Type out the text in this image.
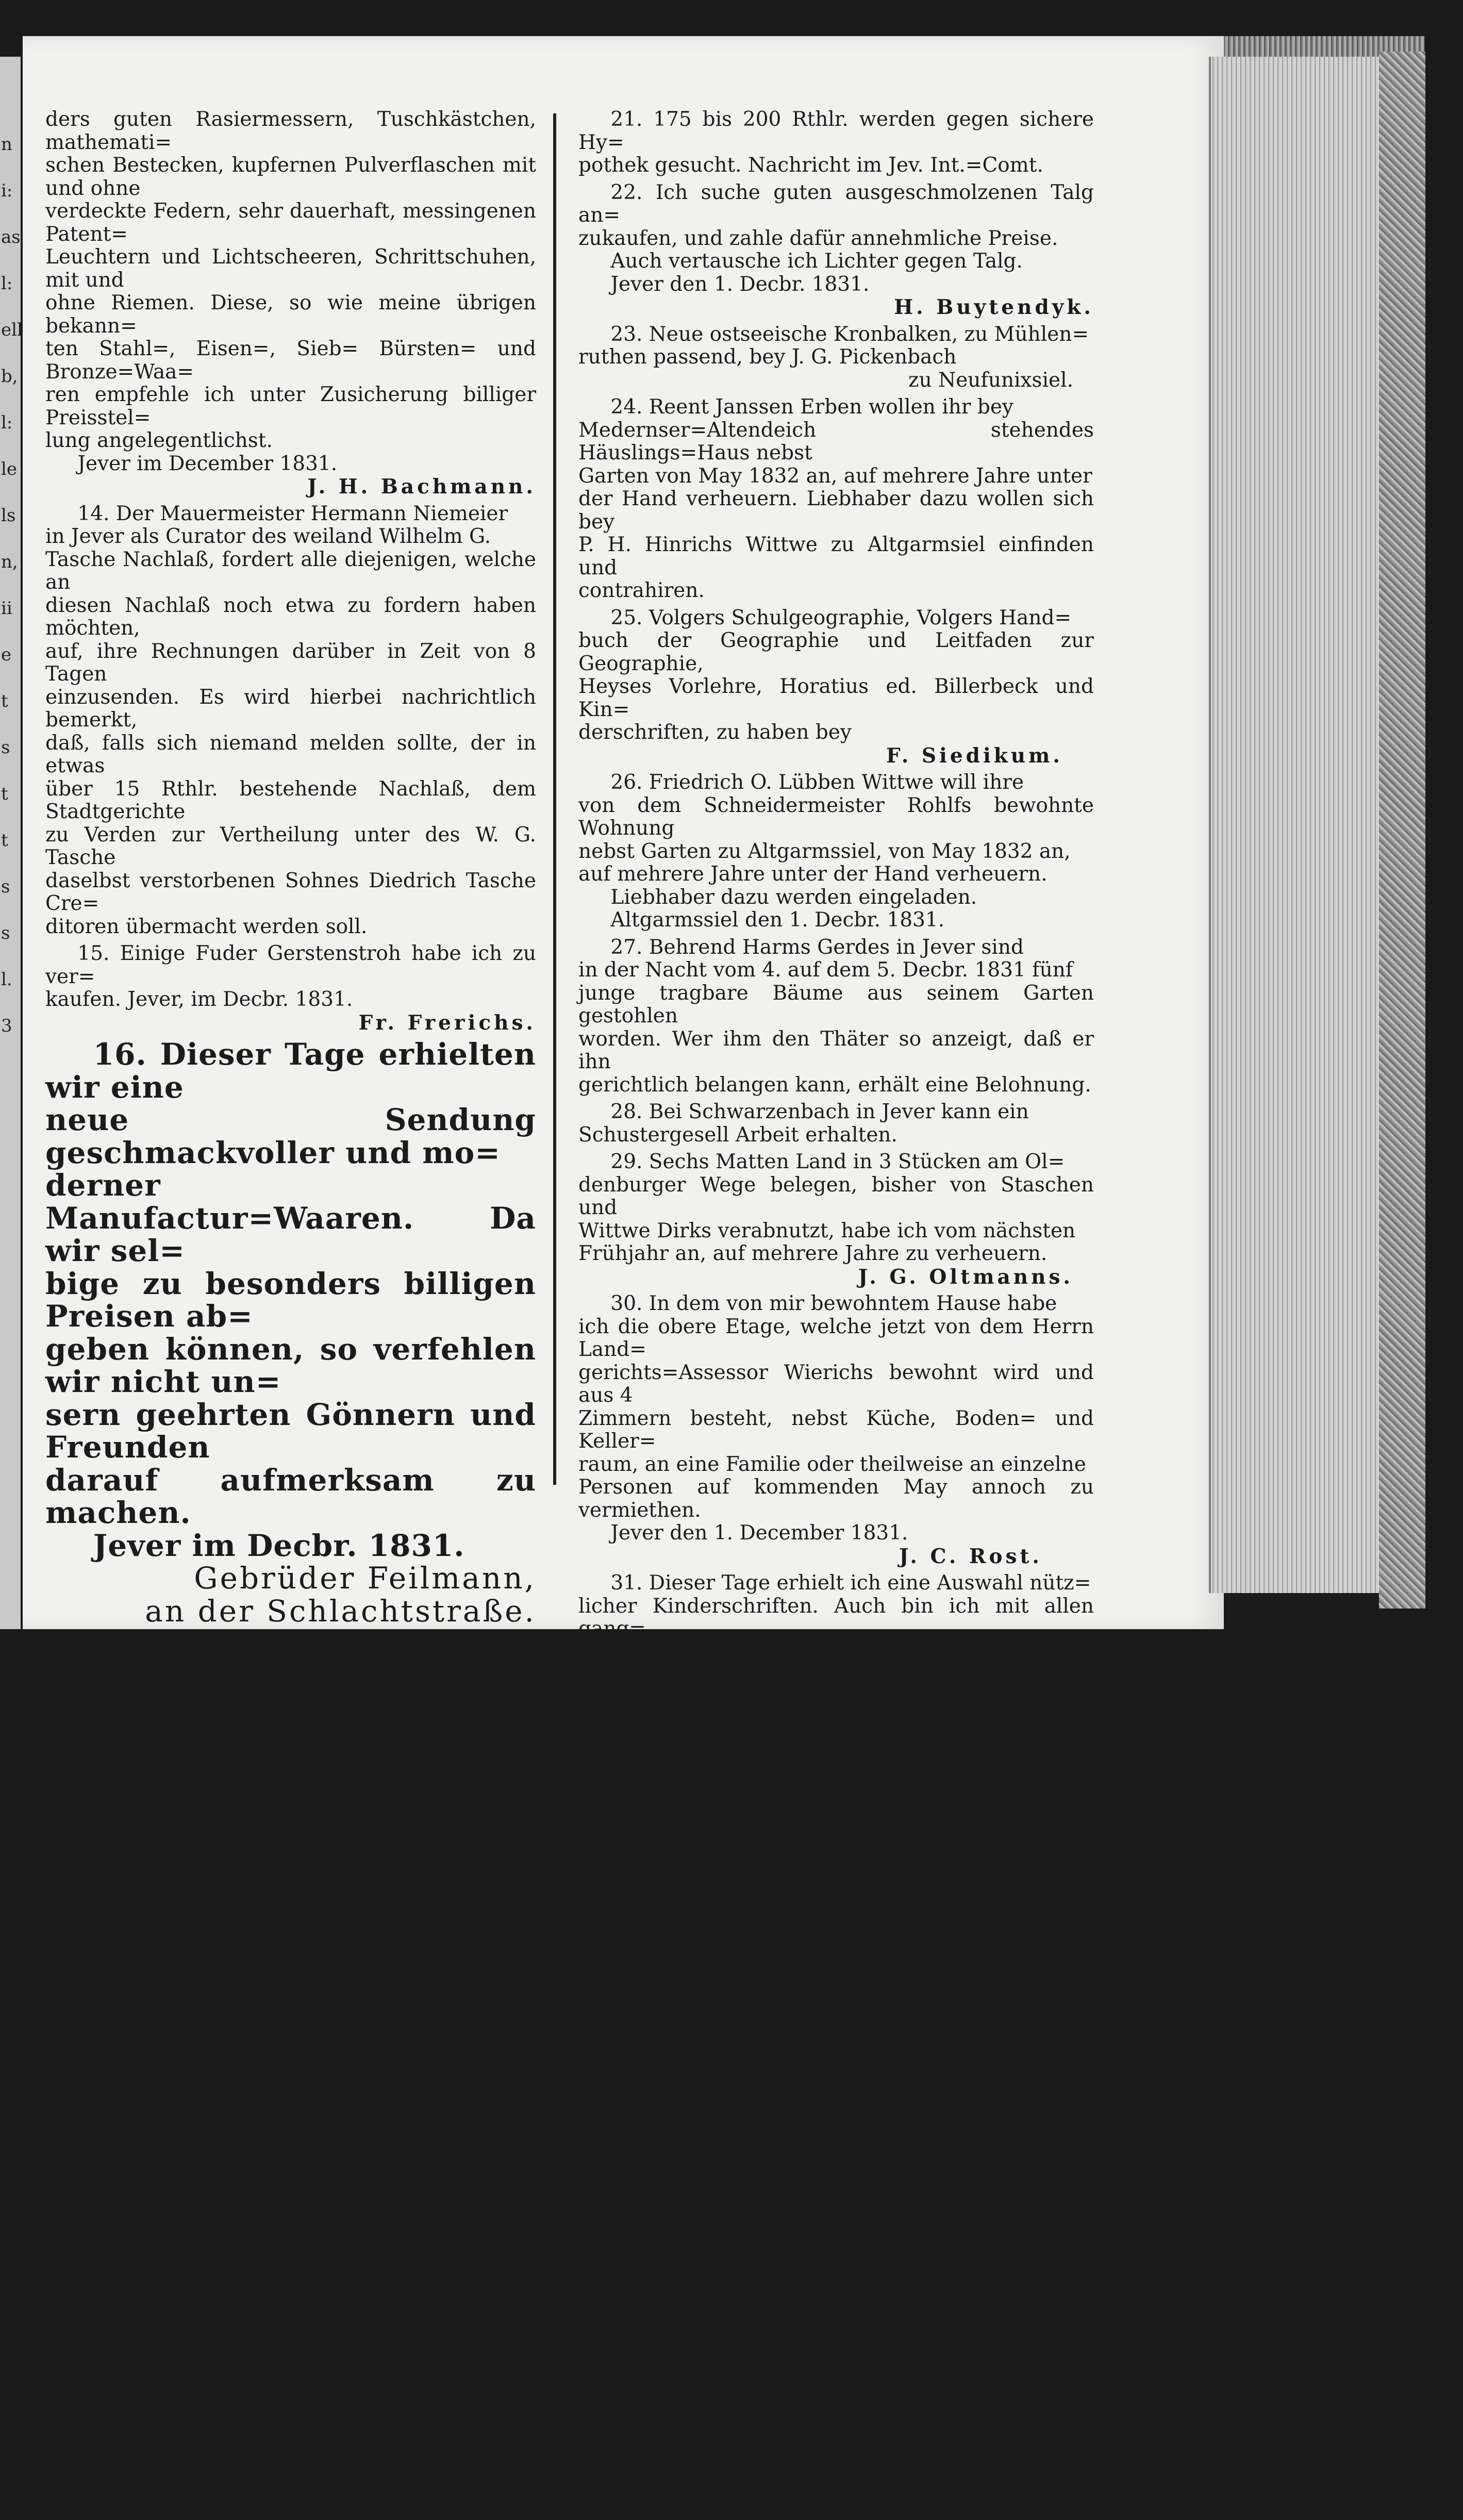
n
i:
as
l:
ell
b,
l:
le
ls
n,
ii
e
t
s
t
t
s
s
l.
3

ders guten Rasiermessern, Tuschkästchen, mathemati=

schen Bestecken, kupfernen Pulverflaschen mit und ohne

verdeckte Federn, sehr dauerhaft, messingenen Patent=

Leuchtern und Lichtscheeren, Schrittschuhen, mit und

ohne Riemen. Diese, so wie meine übrigen bekann=

ten Stahl=, Eisen=, Sieb= Bürsten= und Bronze=Waa=

ren empfehle ich unter Zusicherung billiger Preisstel=

lung angelegentlichst.

Jever im December 1831.

J. H. Bachmann.

14. Der Mauermeister Hermann Niemeier

in Jever als Curator des weiland Wilhelm G.

Tasche Nachlaß, fordert alle diejenigen, welche an

diesen Nachlaß noch etwa zu fordern haben möchten,

auf, ihre Rechnungen darüber in Zeit von 8 Tagen

einzusenden. Es wird hierbei nachrichtlich bemerkt,

daß, falls sich niemand melden sollte, der in etwas

über 15 Rthlr. bestehende Nachlaß, dem Stadtgerichte

zu Verden zur Vertheilung unter des W. G. Tasche

daselbst verstorbenen Sohnes Diedrich Tasche Cre=

ditoren übermacht werden soll.

15. Einige Fuder Gerstenstroh habe ich zu ver=

kaufen. Jever, im Decbr. 1831.

Fr. Frerichs.

16. Dieser Tage erhielten wir eine

neue Sendung geschmackvoller und mo=

derner Manufactur=Waaren. Da wir sel=

bige zu besonders billigen Preisen ab=

geben können, so verfehlen wir nicht un=

sern geehrten Gönnern und Freunden

darauf aufmerksam zu machen.

Jever im Decbr. 1831.

Gebrüder Feilmann,

an der Schlachtstraße.

17. Ein junger Mensch der Zeugniß seines

Wohlverhaltens beibringen kann, die nöthigen Vor=

kenntnisse besitzt, und sich dem Schulfache widmen

will, kann als Gehülfe gleich nach Weihnachten d.

J. angestellt werden, bey

Harms, Schullehrer.

Schortens den 7. Decbr. 1831.

18. Es wird ein Bursche von 14 bis 16 Jah=

ren der gut und orthographisch schreiben, auch eini=

germaßen rechnen kann, gesucht, von wem? erfährt

man im Jev. Comtoir.

19. Ein Regenwasserfaß mit eisernen Bändern,

habe ich zu verkaufen.

Jever.	Seetzen.

20. Ich erhielt dieser Tage aus einer der ersten

Fabriken eine Parthei besonders feine und preiswür=

dige Siegellacke, bestehend in roth, schwarz, car=

min, blau und Goldlack, auch Damenlack in Kästchen

von 12 Stück in verschiedenen Farben; ferner: engl.

Glanzoblaten, Stahlfedern, Federposen, Bleifedern,

Zeichnenkreide, schwarzen chinesischen Tusch, Tuschkäst=

chen, Reißfedern u. s. w., um deren gütige Abnahme

ich bitte.

J. H. Bachmann.

21. 175 bis 200 Rthlr. werden gegen sichere Hy=

pothek gesucht. Nachricht im Jev. Int.=Comt.

22. Ich suche guten ausgeschmolzenen Talg an=

zukaufen, und zahle dafür annehmliche Preise.

Auch vertausche ich Lichter gegen Talg.

Jever den 1. Decbr. 1831.

H. Buytendyk.

23. Neue ostseeische Kronbalken, zu Mühlen=

ruthen passend, bey J. G. Pickenbach

zu Neufunixsiel.

24. Reent Janssen Erben wollen ihr bey

Medernser=Altendeich stehendes Häuslings=Haus nebst

Garten von May 1832 an, auf mehrere Jahre unter

der Hand verheuern. Liebhaber dazu wollen sich bey

P. H. Hinrichs Wittwe zu Altgarmsiel einfinden und

contrahiren.

25. Volgers Schulgeographie, Volgers Hand=

buch der Geographie und Leitfaden zur Geographie,

Heyses Vorlehre, Horatius ed. Billerbeck und Kin=

derschriften, zu haben bey

F. Siedikum.

26. Friedrich O. Lübben Wittwe will ihre

von dem Schneidermeister Rohlfs bewohnte Wohnung

nebst Garten zu Altgarmssiel, von May 1832 an,

auf mehrere Jahre unter der Hand verheuern.

Liebhaber dazu werden eingeladen.

Altgarmssiel den 1. Decbr. 1831.

27. Behrend Harms Gerdes in Jever sind

in der Nacht vom 4. auf dem 5. Decbr. 1831 fünf

junge tragbare Bäume aus seinem Garten gestohlen

worden. Wer ihm den Thäter so anzeigt, daß er ihn

gerichtlich belangen kann, erhält eine Belohnung.

28. Bei Schwarzenbach in Jever kann ein

Schustergesell Arbeit erhalten.

29. Sechs Matten Land in 3 Stücken am Ol=

denburger Wege belegen, bisher von Staschen und

Wittwe Dirks verabnutzt, habe ich vom nächsten

Frühjahr an, auf mehrere Jahre zu verheuern.

J. G. Oltmanns.

30. In dem von mir bewohntem Hause habe

ich die obere Etage, welche jetzt von dem Herrn Land=

gerichts=Assessor Wierichs bewohnt wird und aus 4

Zimmern besteht, nebst Küche, Boden= und Keller=

raum, an eine Familie oder theilweise an einzelne

Personen auf kommenden May annoch zu vermiethen.

Jever den 1. December 1831.

J. C. Rost.

31. Dieser Tage erhielt ich eine Auswahl nütz=

licher Kinderschriften. Auch bin ich mit allen gang=

baren Schul= und Schreibebüchern, feinen Gesangbü=

chern in schwarzen und couleurten Saffian gebunden,

Stammbüchern, Brieftaschen; so wie auch mit Zeich=

nen=, Schreib= und Conzeptpapier, Schreibfedern, Blei=

federn, Rechentafeln mit und ohne Beschlag, Pup=

penköpfen u. Körpern, Tafel=, Schreib=, Haushaltungs=

und kleine Kalender versehen; womit ich mich dem

geehrten Publicum, so wie mit mehren hier nicht

angeführten Artikeln, unter Zusicherung möglichst

billiger Preise bestens empfehle.

Jever 1831.	H. F. Franz.
